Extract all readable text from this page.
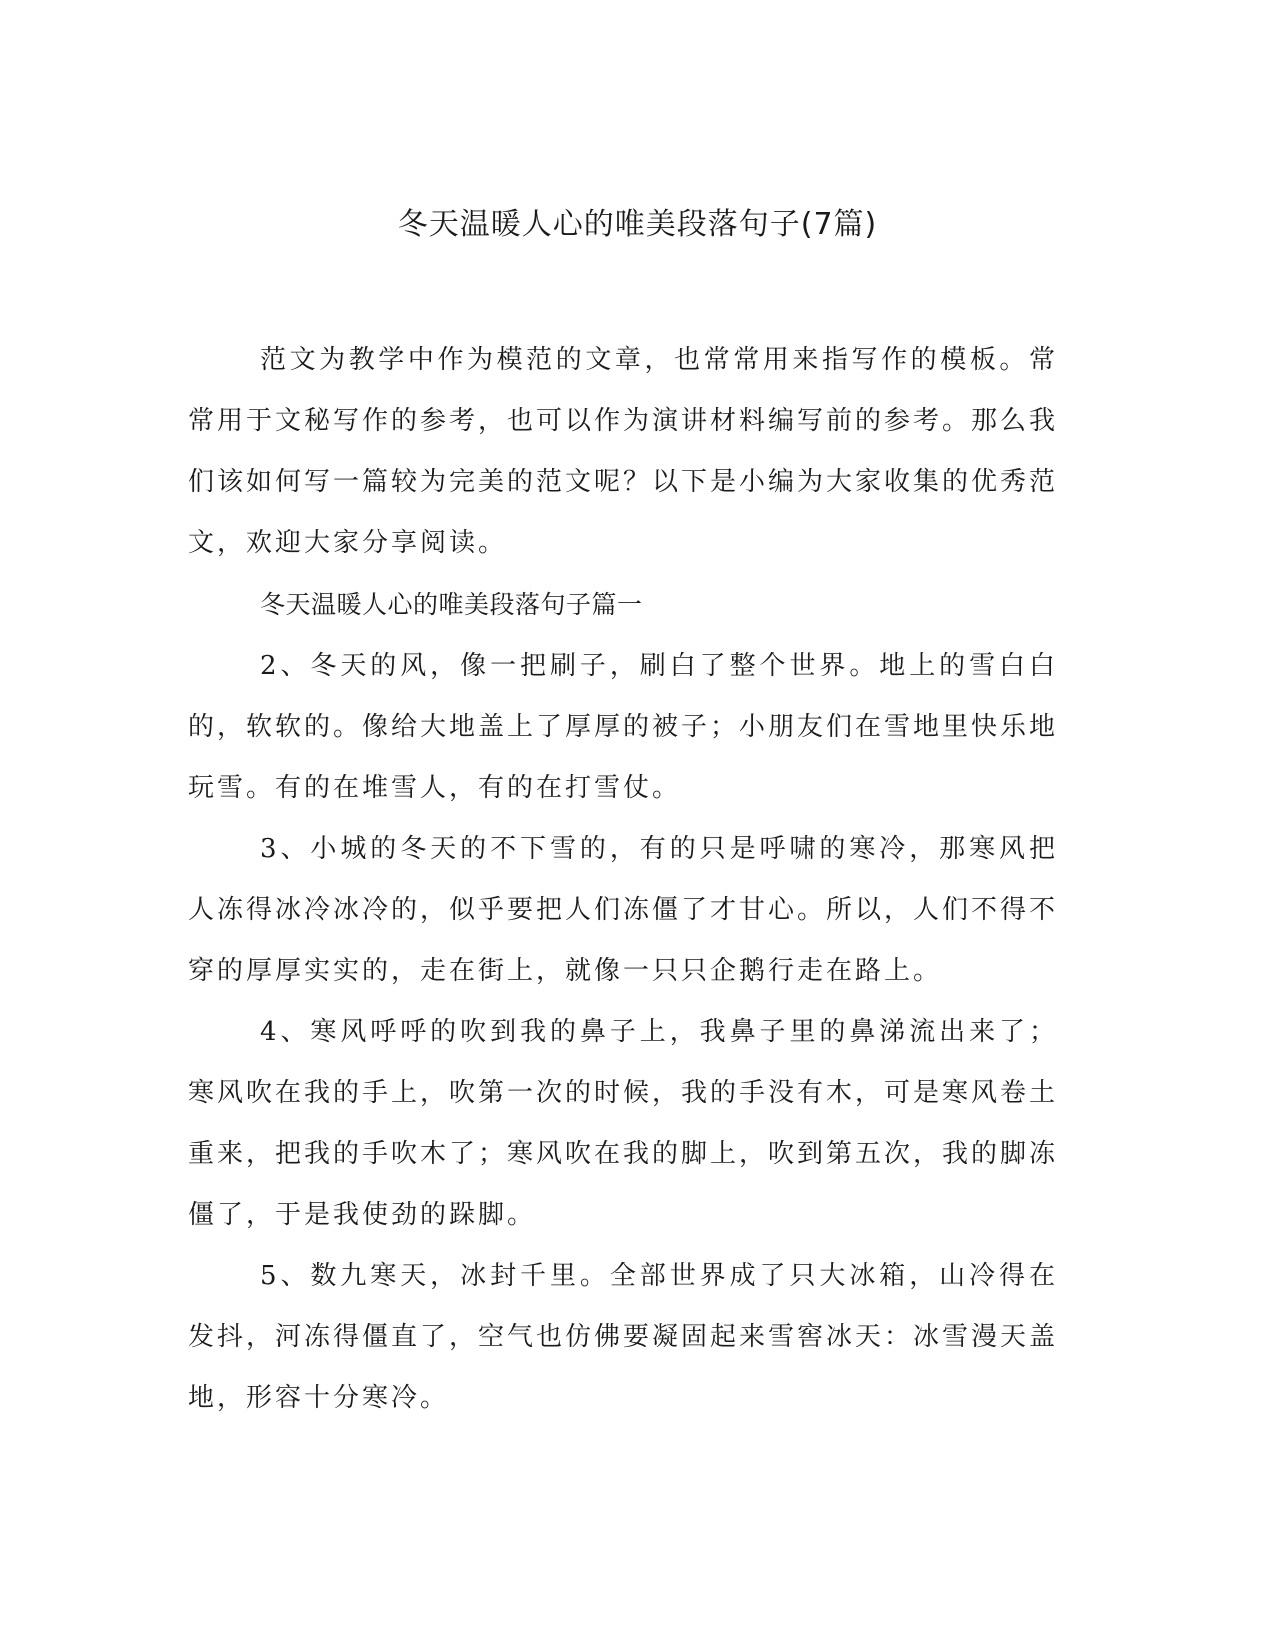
冬天温暖人心的唯美段落句子(7篇)

范文为教学中作为模范的文章，也常常用来指写作的模板。常常用于文秘写作的参考，也可以作为演讲材料编写前的参考。那么我们该如何写一篇较为完美的范文呢？以下是小编为大家收集的优秀范文，欢迎大家分享阅读。

冬天温暖人心的唯美段落句子篇一

2、冬天的风，像一把刷子，刷白了整个世界。地上的雪白白的，软软的。像给大地盖上了厚厚的被子；小朋友们在雪地里快乐地玩雪。有的在堆雪人，有的在打雪仗。

3、小城的冬天的不下雪的，有的只是呼啸的寒冷，那寒风把人冻得冰冷冰冷的，似乎要把人们冻僵了才甘心。所以，人们不得不穿的厚厚实实的，走在街上，就像一只只企鹅行走在路上。

4、寒风呼呼的吹到我的鼻子上，我鼻子里的鼻涕流出来了；寒风吹在我的手上，吹第一次的时候，我的手没有木，可是寒风卷土重来，把我的手吹木了；寒风吹在我的脚上，吹到第五次，我的脚冻僵了，于是我使劲的跺脚。

5、数九寒天，冰封千里。全部世界成了只大冰箱，山冷得在发抖，河冻得僵直了，空气也仿佛要凝固起来雪窖冰天：冰雪漫天盖地，形容十分寒冷。
